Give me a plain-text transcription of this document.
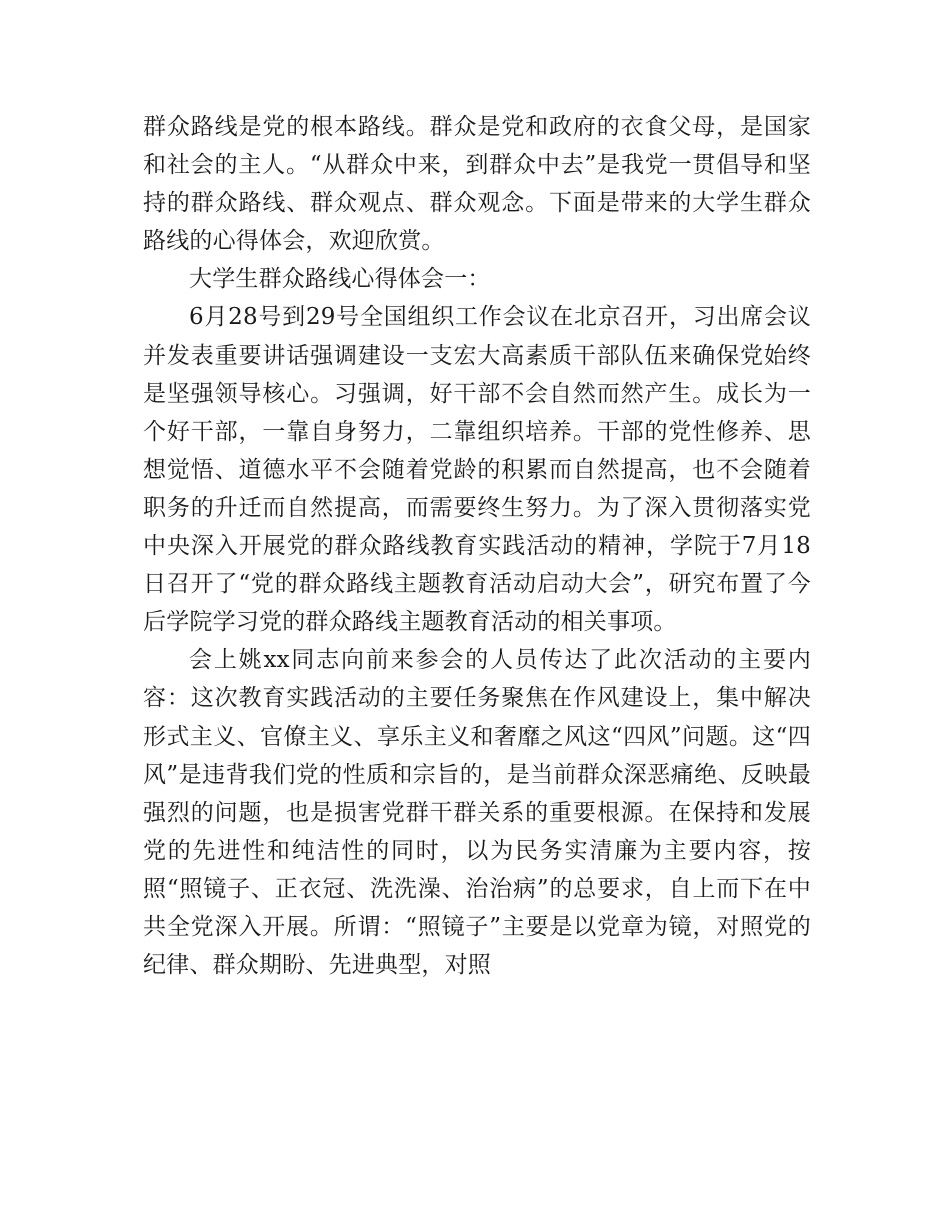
群众路线是党的根本路线。群众是党和政府的衣食父母，是国家和社会的主人。“从群众中来，到群众中去”是我党一贯倡导和坚持的群众路线、群众观点、群众观念。下面是带来的大学生群众路线的心得体会，欢迎欣赏。

大学生群众路线心得体会一：

6月28号到29号全国组织工作会议在北京召开，习出席会议并发表重要讲话强调建设一支宏大高素质干部队伍来确保党始终是坚强领导核心。习强调，好干部不会自然而然产生。成长为一个好干部，一靠自身努力，二靠组织培养。干部的党性修养、思想觉悟、道德水平不会随着党龄的积累而自然提高，也不会随着职务的升迁而自然提高，而需要终生努力。为了深入贯彻落实党中央深入开展党的群众路线教育实践活动的精神，学院于7月18日召开了“党的群众路线主题教育活动启动大会”，研究布置了今后学院学习党的群众路线主题教育活动的相关事项。

会上姚xx同志向前来参会的人员传达了此次活动的主要内容：这次教育实践活动的主要任务聚焦在作风建设上，集中解决形式主义、官僚主义、享乐主义和奢靡之风这“四风”问题。这“四风”是违背我们党的性质和宗旨的，是当前群众深恶痛绝、反映最强烈的问题，也是损害党群干群关系的重要根源。在保持和发展党的先进性和纯洁性的同时，以为民务实清廉为主要内容，按照“照镜子、正衣冠、洗洗澡、治治病”的总要求，自上而下在中共全党深入开展。所谓：“照镜子”主要是以党章为镜，对照党的纪律、群众期盼、先进典型，对照
